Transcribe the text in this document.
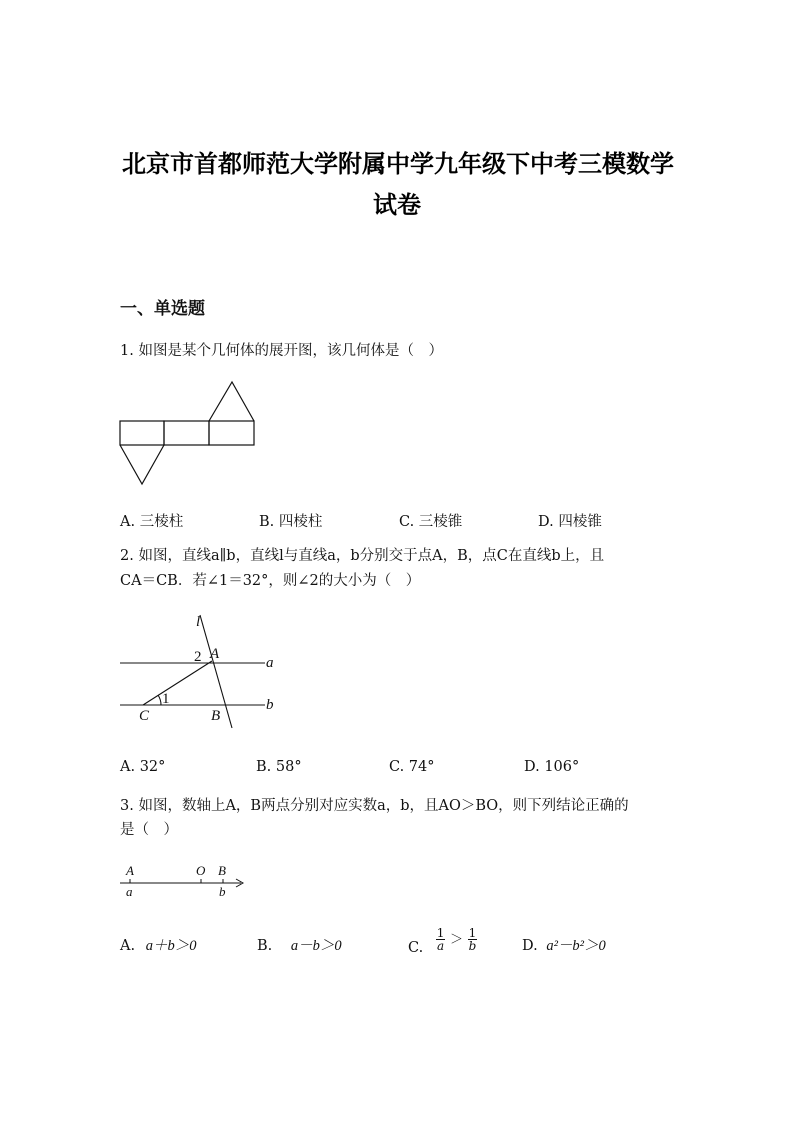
北京市首都师范大学附属中学九年级下中考三模数学
试卷
一、单选题
1. 如图是某个几何体的展开图，该几何体是（　）
A. 三棱柱	B. 四棱柱	C. 三棱锥	D. 四棱锥
2. 如图，直线a∥b，直线l与直线a，b分别交于点A，B，点C在直线b上，且
CA＝CB．若∠1＝32°，则∠2的大小为（　）
l
2 A
a
1
C	B
b
A. 32°	B. 58°	C. 74°	D. 106°
3. 如图，数轴上A，B两点分别对应实数a，b，且AO＞BO，则下列结论正确的
是（　）
A	O B
a	b
A. a＋b＞0	B. a－b＞0	C. $\frac{1}{a} > \frac{1}{b}$	D. a²－b²＞0
